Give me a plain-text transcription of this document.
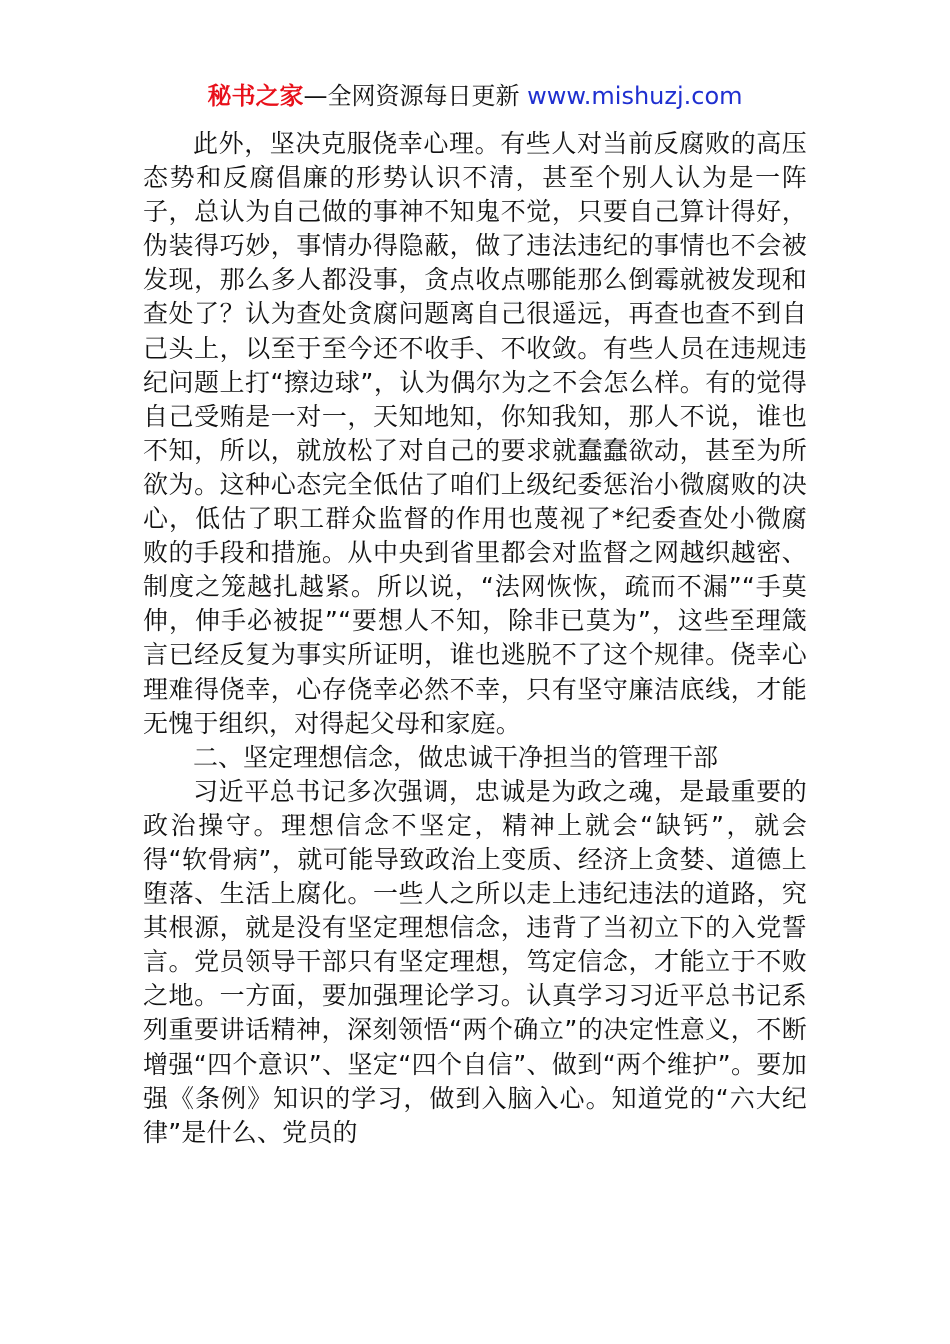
秘书之家—全网资源每日更新 www.mishuzj.com

此外，坚决克服侥幸心理。有些人对当前反腐败的高压态势和反腐倡廉的形势认识不清，甚至个别人认为是一阵子，总认为自己做的事神不知鬼不觉，只要自己算计得好，伪装得巧妙，事情办得隐蔽，做了违法违纪的事情也不会被发现，那么多人都没事，贪点收点哪能那么倒霉就被发现和查处了？认为查处贪腐问题离自己很遥远，再查也查不到自己头上，以至于至今还不收手、不收敛。有些人员在违规违纪问题上打“擦边球”，认为偶尔为之不会怎么样。有的觉得自己受贿是一对一，天知地知，你知我知，那人不说，谁也不知，所以，就放松了对自己的要求就蠢蠢欲动，甚至为所欲为。这种心态完全低估了咱们上级纪委惩治小微腐败的决心，低估了职工群众监督的作用也蔑视了*纪委查处小微腐败的手段和措施。从中央到省里都会对监督之网越织越密、制度之笼越扎越紧。所以说，“法网恢恢，疏而不漏”“手莫伸，伸手必被捉”“要想人不知，除非已莫为”，这些至理箴言已经反复为事实所证明，谁也逃脱不了这个规律。侥幸心理难得侥幸，心存侥幸必然不幸，只有坚守廉洁底线，才能无愧于组织，对得起父母和家庭。

二、坚定理想信念，做忠诚干净担当的管理干部

习近平总书记多次强调，忠诚是为政之魂，是最重要的政治操守。理想信念不坚定，精神上就会“缺钙”，就会得“软骨病”，就可能导致政治上变质、经济上贪婪、道德上堕落、生活上腐化。一些人之所以走上违纪违法的道路，究其根源，就是没有坚定理想信念，违背了当初立下的入党誓言。党员领导干部只有坚定理想，笃定信念，才能立于不败之地。一方面，要加强理论学习。认真学习习近平总书记系列重要讲话精神，深刻领悟“两个确立”的决定性意义，不断增强“四个意识”、坚定“四个自信”、做到“两个维护”。要加强《条例》知识的学习，做到入脑入心。知道党的“六大纪律”是什么、党员的
